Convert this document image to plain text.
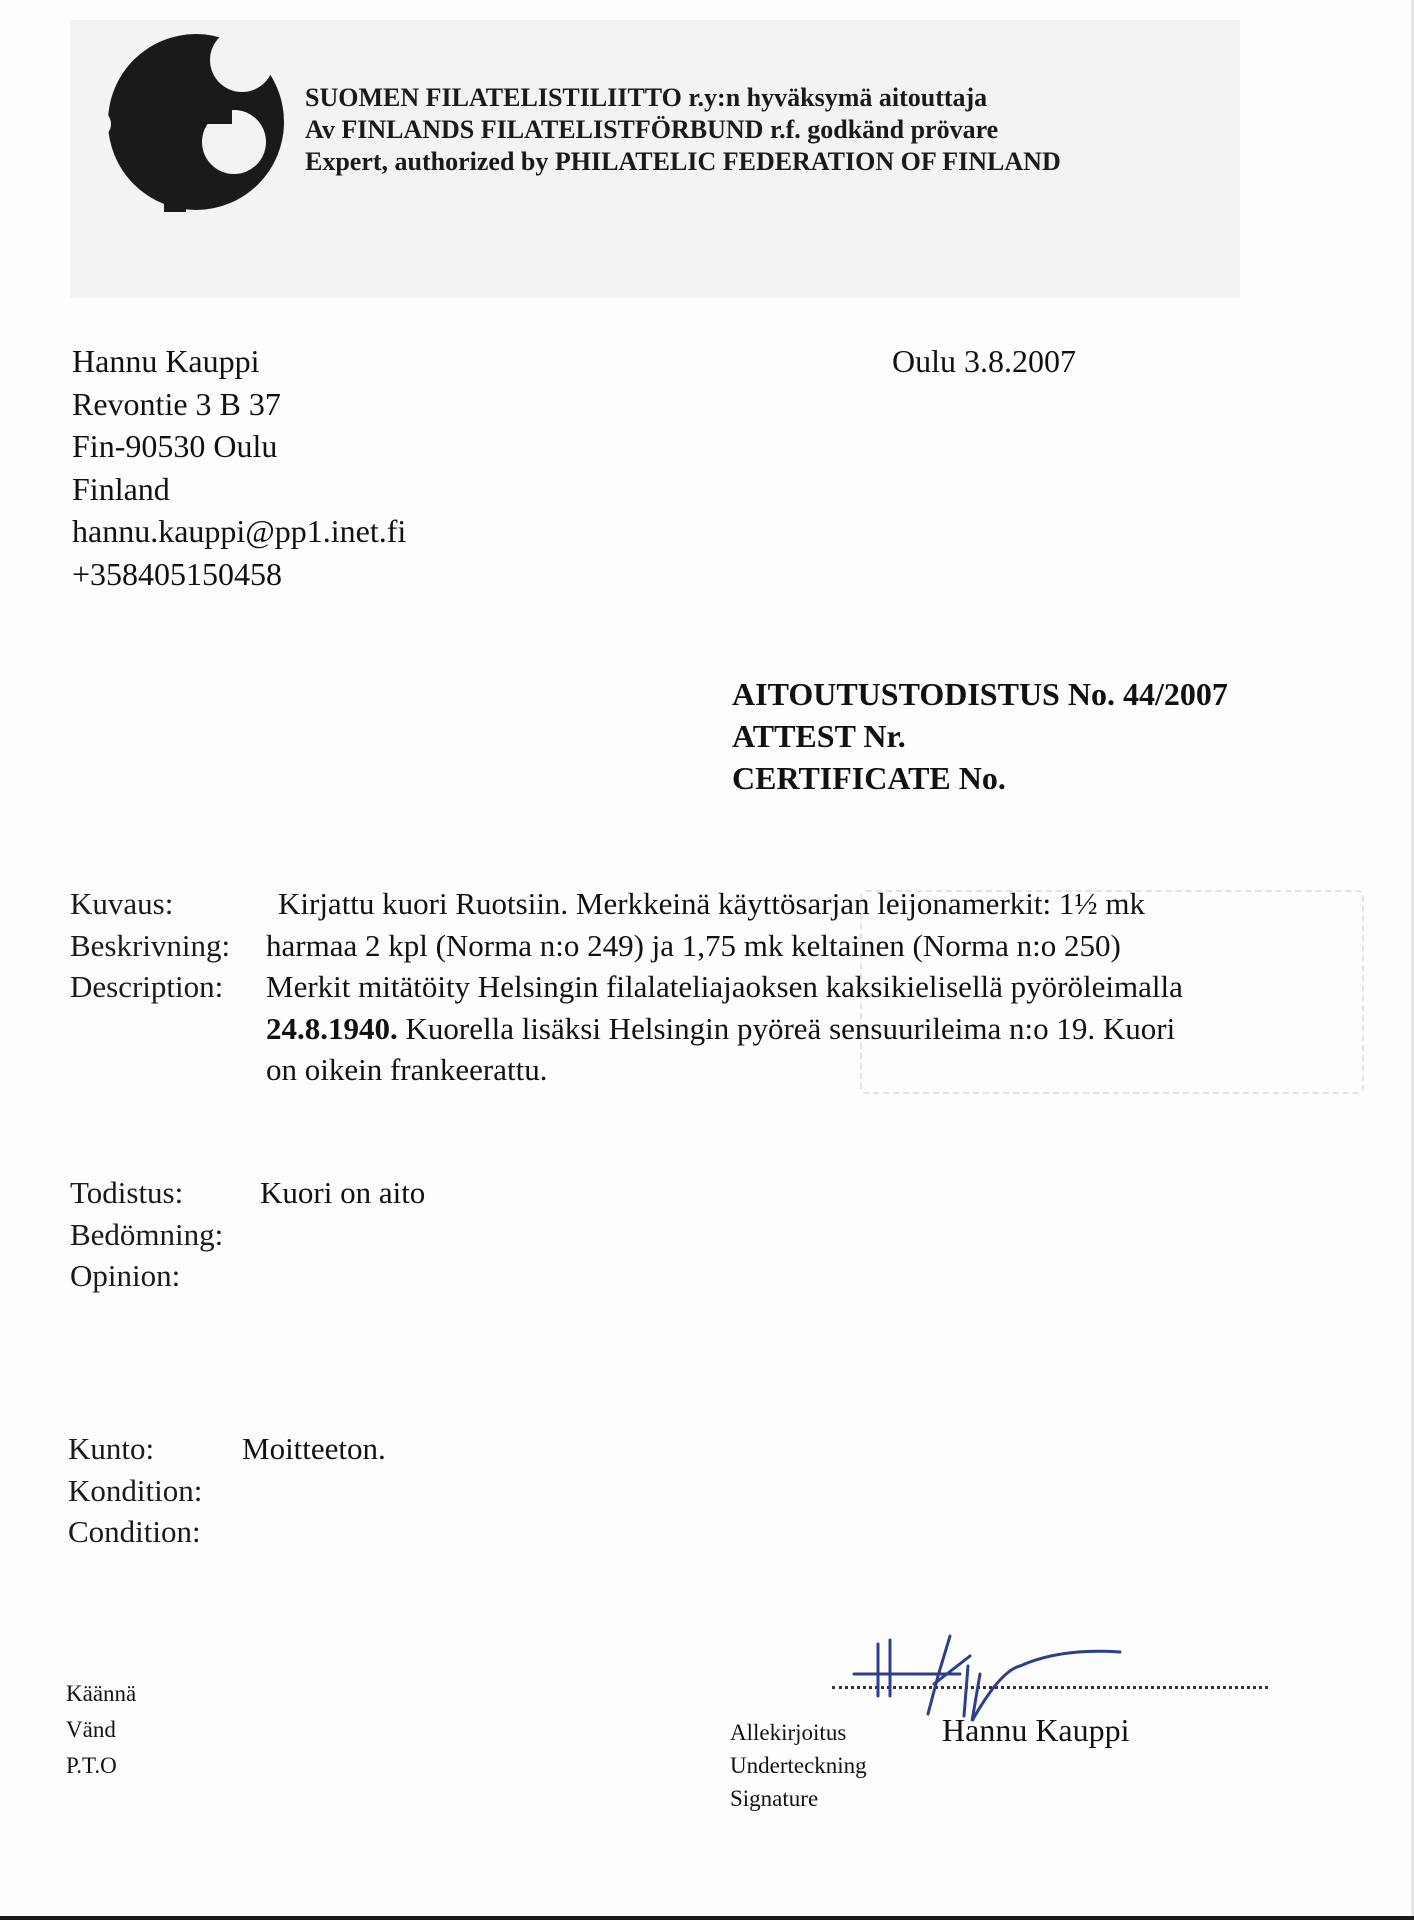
SUOMEN FILATELISTILIITTO r.y:n hyväksymä aitouttaja
Av FINLANDS FILATELISTFÖRBUND r.f. godkänd prövare
Expert, authorized by PHILATELIC FEDERATION OF FINLAND
Hannu Kauppi
Revontie 3 B 37
Fin-90530 Oulu
Finland
hannu.kauppi@pp1.inet.fi
+358405150458
Oulu 3.8.2007
AITOUTUSTODISTUS No. 44/2007
ATTEST Nr.
CERTIFICATE No.
Kuvaus:
Beskrivning:
Description:
Kirjattu kuori Ruotsiin. Merkkeinä käyttösarjan leijonamerkit: 1½ mk
harmaa 2 kpl (Norma n:o 249) ja 1,75 mk keltainen (Norma n:o 250)
Merkit mitätöity Helsingin filalateliajaoksen kaksikielisellä pyöröleimalla
24.8.1940. Kuorella lisäksi Helsingin pyöreä sensuurileima n:o 19. Kuori
on oikein frankeerattu.
Todistus:
Bedömning:
Opinion:
Kuori on aito
Kunto:
Kondition:
Condition:
Moitteeton.
Käännä
Vänd
P.T.O
Allekirjoitus
Underteckning
Signature
Hannu Kauppi
